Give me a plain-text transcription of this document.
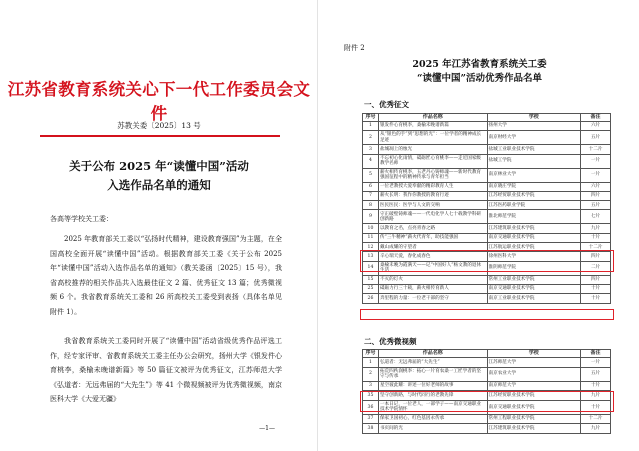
江苏省教育系统关心下一代工作委员会文件
苏教关委〔2025〕13 号
关于公布 2025 年“读懂中国”活动
入选作品名单的通知
各高等学校关工委：
2025 年教育部关工委以“弘扬时代精神，建设教育强国”为主题，在全国高校全面开展“读懂中国”活动。根据教育部关工委《关于公布 2025 年“读懂中国”活动入选作品名单的通知》（教关委函〔2025〕15 号），我省高校推荐的相关作品共入选最佳征文 2 篇、优秀征文 13 篇；优秀微视频 6 个。我省教育系统关工委和 26 所高校关工委受到表扬（具体名单见附件 1）。
我省教育系统关工委同时开展了“读懂中国”活动省级优秀作品评选工作，经专家评审、省教育系统关工委主任办公会研究，扬州大学《银发件心育桃李，桑榆未晚谱新篇》等 50 篇征文被评为优秀征文，江苏师范大学《弘道者：无远弗届的“大先生”》等 41 个微视频被评为优秀微视频，南京医科大学《大爱无疆》
—1—
附件 2
2025 年江苏省教育系统关工委
“读懂中国”活动优秀作品名单
一、优秀征文
序号	作品名称	学校	备注
1	银发件心育桃李，桑榆未晚谱新篇	扬州大学	六片
2	从“银色的手”到“思想的光”：一位学者的精神成长足迹	南京财经大学	五片
3	盐城凋上的烛光	盐城工业职业技术学院	十二片
4	不忘初心化雨情，砥砺匠心育桃李——走近国家级教学名师	盐城工学院	一片
5	薪火相传育桃李，五老丹心铸师魂——新时代教育强国征程中的精神传承与青年担当	南京林业大学	一片
6	一位老教授大爱奉献的精彩教育人生	南京晓庄学院	六片
7	薪火长明：我作你教授的教育行迹	江苏经贸职业技术学院	四片
8	医民医民：医学与人文的交响	江苏医药职业学院	五片
9	守正破壁铸师魂——一代电化学人七十载教学科研创新路	淮北师范学院	七片
10	以教育之名，点亮青春之路	江苏建筑职业技术学院	九片
11	传“三牛精神”薪火代青年，助技能强国	南京交通职业技术学院	十片
12	戴山成耀的守望者	江苏航运职业技术学院	十二片
13	辛心瑞天爱，春化成春色	徐州医科大学	四片
14	桑榆未晚为霞满天——记“中国好人”杨文教的退休生活	淮阴师范学院	二片
15	不灭的灯火	常州工业职业技术学院	四片
25	砥砺力行三十载，薪火相传育新人	南京交通职业技术学院	十片
26	奔里程的力量：一位老干部的坚守	南京工业职业技术学院	十片
二、优秀微视频
序号	作品名称	学校	备注
1	弘道者：无远弗届的“大先生”	江苏师范大学	一片
2	拓荒四秩润桃李：拓心一片育农桑一工匠学者的坚守与传承	南京农业大学	五片
3	星空彼此耀：讲述一位好老师的故事	南京师范大学	十片
35	坚守创新路，与时代同行的老教先锋	江苏经贸职业技术学院	九片
36	一本日记，一位老人，一部学子——南京交通职业技术学院情怀	南京交通职业技术学院	十片
37	保家卫国初心，红色基因永传承	常州工程职业技术学院	十二片
38	书页间的光	江苏建筑职业技术学院	九片
